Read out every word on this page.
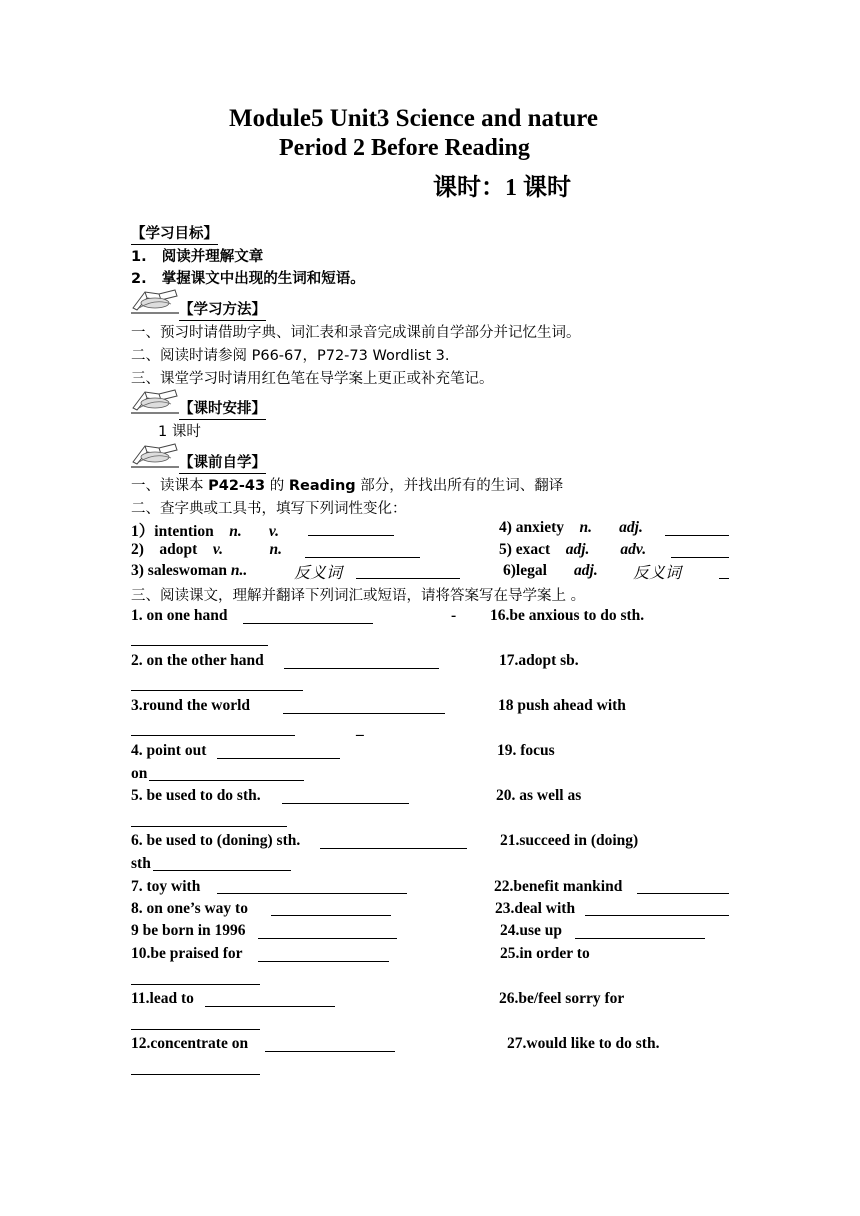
Module5 Unit3 Science and nature
Period 2 Before Reading
课时：1 课时
【学习目标】
1. 阅读并理解文章
2. 掌握课文中出现的生词和短语。
【学习方法】
一、预习时请借助字典、词汇表和录音完成课前自学部分并记忆生词。
二、阅读时请参阅 P66-67，P72-73 Wordlist 3.
三、课堂学习时请用红色笔在导学案上更正或补充笔记。
【课时安排】
1 课时
【课前自学】
一、读课本 P42-43 的 Reading 部分，并找出所有的生词、翻译
二、查字典或工具书，填写下列词性变化：
1）intention n. v.	4) anxiety n. adj.
2) adopt v.	n.	5) exact adj. adv.
3) saleswoman n..	反义词	6)legal adj. 反义词
三、阅读课文，理解并翻译下列词汇或短语，请将答案写在导学案上 。
1. on one hand	- 16.be anxious to do sth.
2. on the other hand	17.adopt sb.
3.round the world	18 push ahead with
_
4. point out	19. focus
on
5. be used to do sth.	20. as well as
6. be used to (doning) sth.	21.succeed in (doing)
sth
7. toy with	22.benefit mankind
8. on one’s way to	23.deal with
9 be born in 1996	24.use up
10.be praised for	25.in order to
11.lead to	26.be/feel sorry for
12.concentrate on	27.would like to do sth.
